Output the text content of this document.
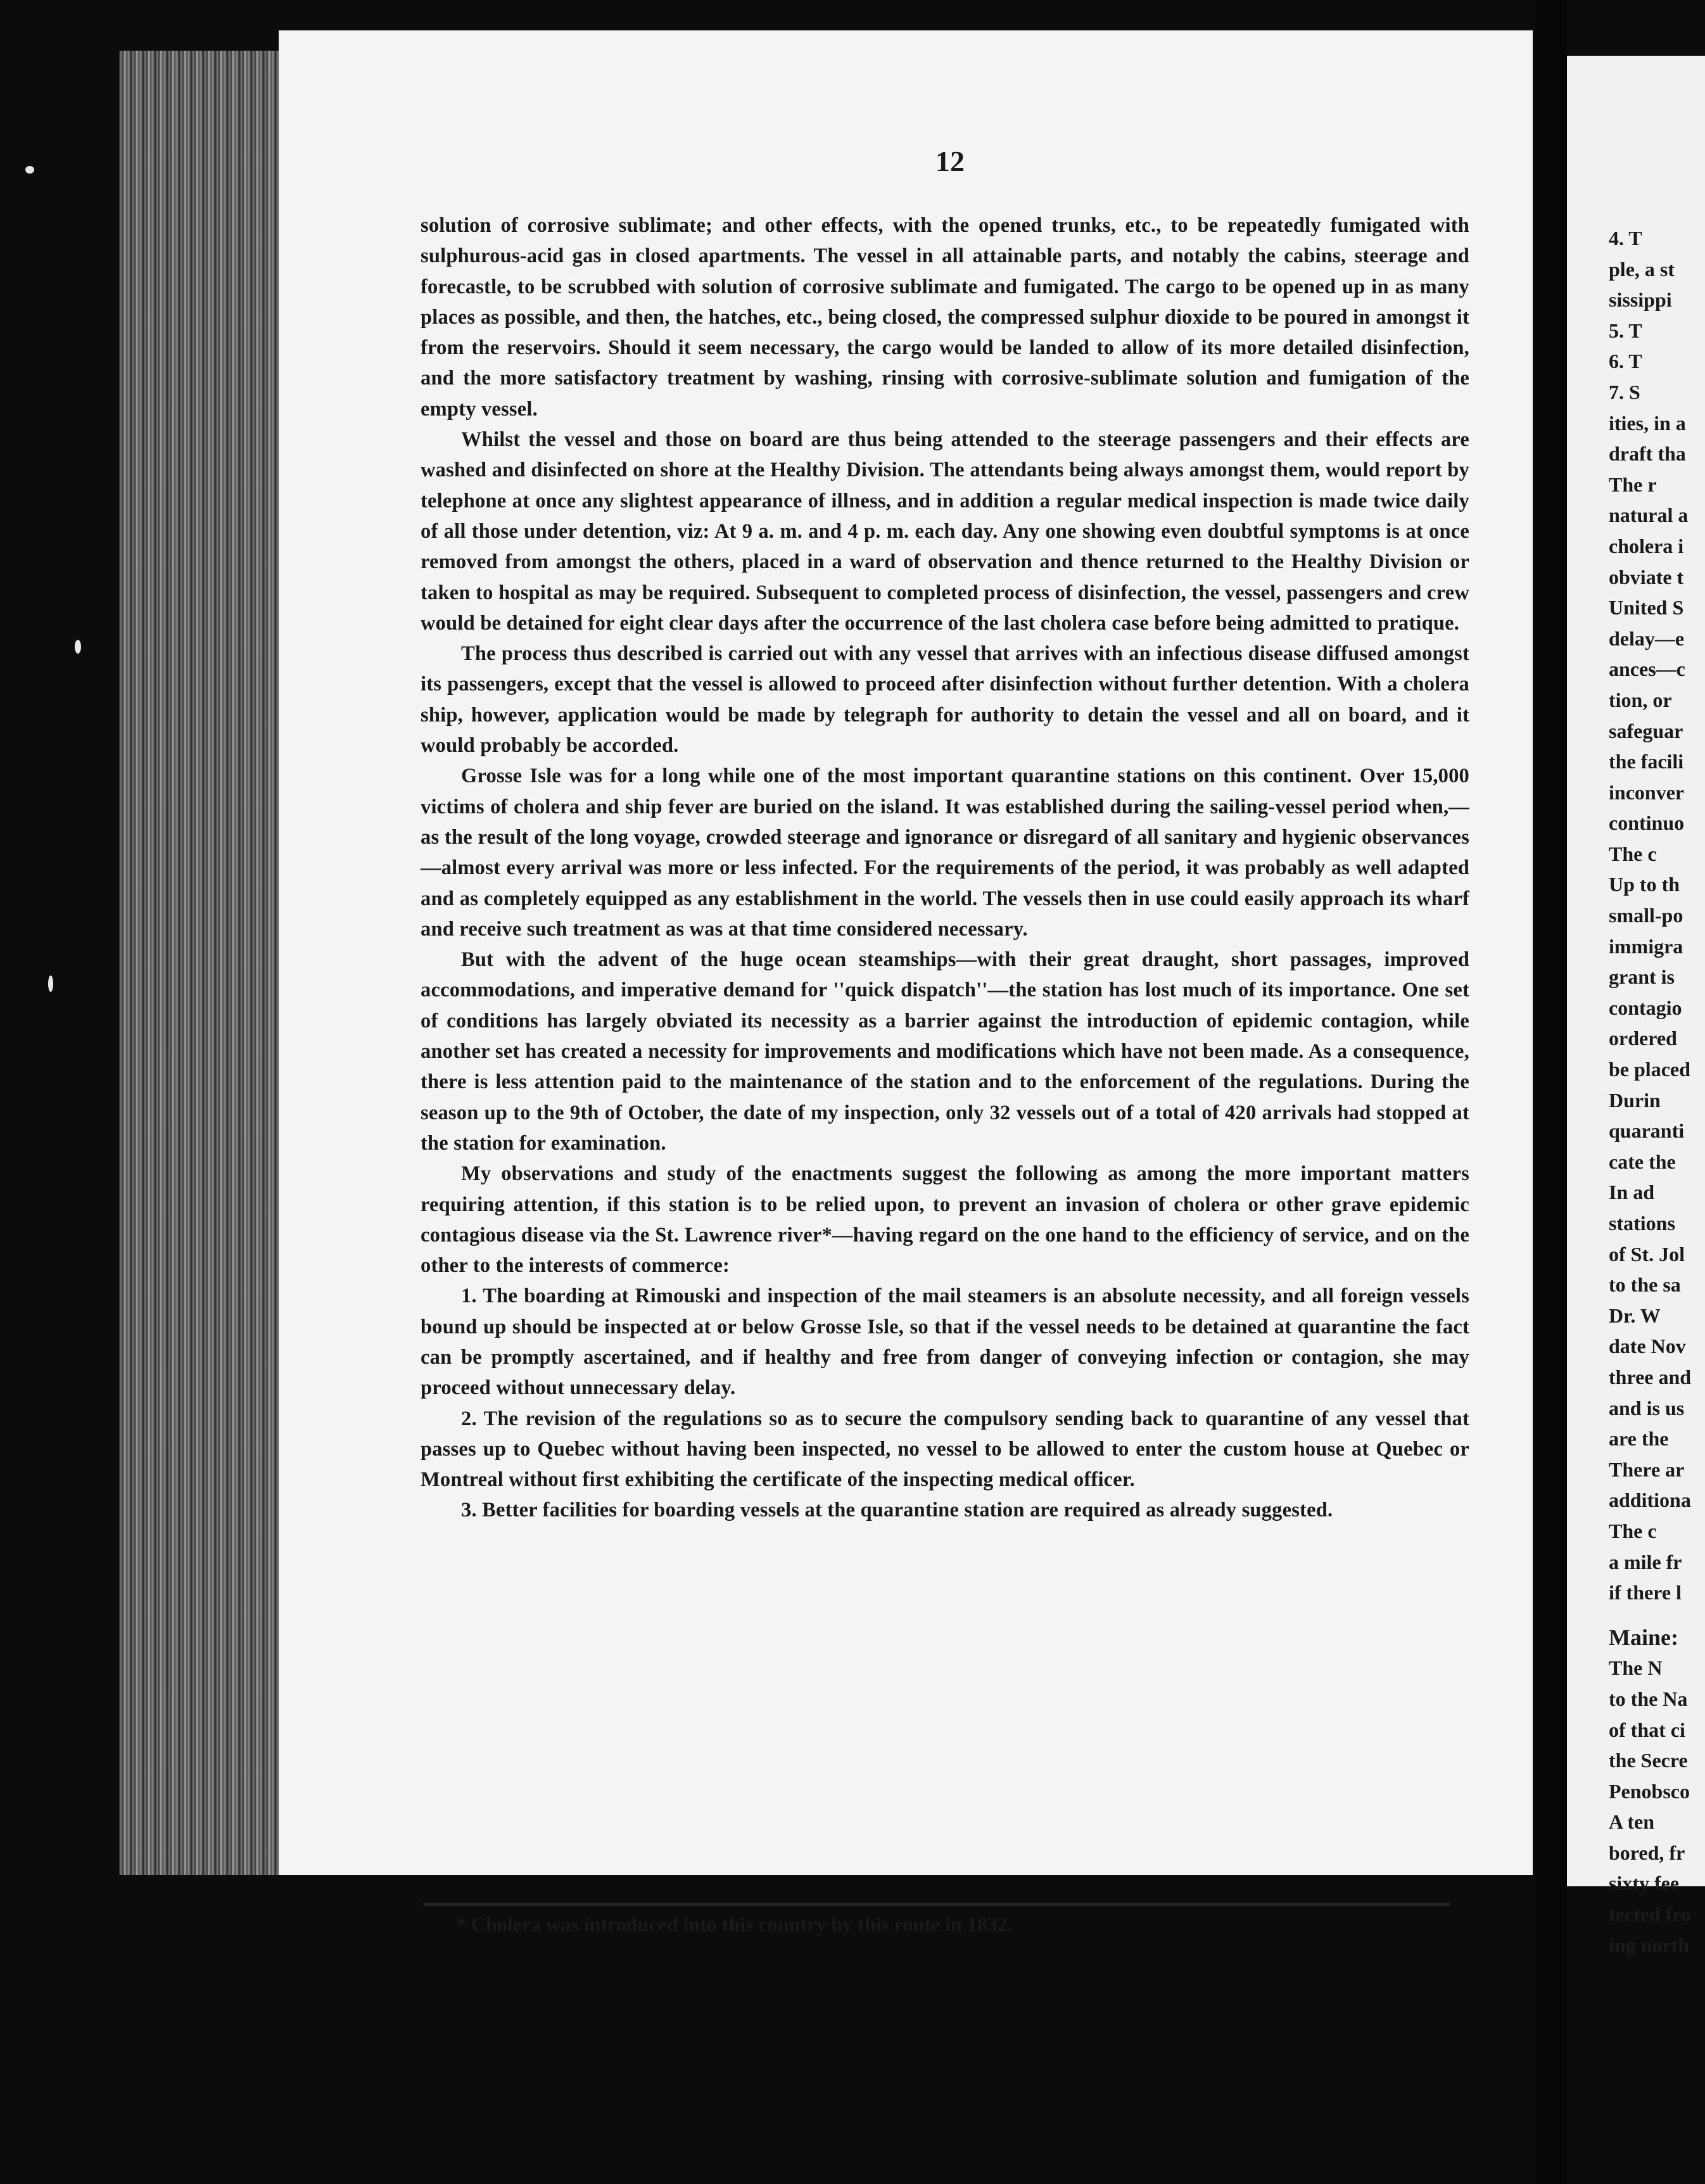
12

solution of corrosive sublimate; and other effects, with the opened trunks, etc., to be repeatedly fumigated with sulphurous-acid gas in closed apartments. The vessel in all attainable parts, and notably the cabins, steerage and forecastle, to be scrubbed with solution of corrosive sublimate and fumigated. The cargo to be opened up in as many places as possible, and then, the hatches, etc., being closed, the compressed sulphur dioxide to be poured in amongst it from the reservoirs. Should it seem necessary, the cargo would be landed to allow of its more detailed disinfection, and the more satisfactory treatment by washing, rinsing with corrosive-sublimate solution and fumigation of the empty vessel.

Whilst the vessel and those on board are thus being attended to the steerage passengers and their effects are washed and disinfected on shore at the Healthy Division. The attendants being always amongst them, would report by telephone at once any slightest appearance of illness, and in addition a regular medical inspection is made twice daily of all those under detention, viz: At 9 a. m. and 4 p. m. each day. Any one showing even doubtful symptoms is at once removed from amongst the others, placed in a ward of observation and thence returned to the Healthy Division or taken to hospital as may be required. Subsequent to completed process of disinfection, the vessel, passengers and crew would be detained for eight clear days after the occurrence of the last cholera case before being admitted to pratique.

The process thus described is carried out with any vessel that arrives with an infectious disease diffused amongst its passengers, except that the vessel is allowed to proceed after disinfection without further detention. With a cholera ship, however, application would be made by telegraph for authority to detain the vessel and all on board, and it would probably be accorded.

Grosse Isle was for a long while one of the most important quarantine stations on this continent. Over 15,000 victims of cholera and ship fever are buried on the island. It was established during the sailing-vessel period when,—as the result of the long voyage, crowded steerage and ignorance or disregard of all sanitary and hygienic observances—almost every arrival was more or less infected. For the requirements of the period, it was probably as well adapted and as completely equipped as any establishment in the world. The vessels then in use could easily approach its wharf and receive such treatment as was at that time considered necessary.

But with the advent of the huge ocean steamships—with their great draught, short passages, improved accommodations, and imperative demand for ''quick dispatch''—the station has lost much of its importance. One set of conditions has largely obviated its necessity as a barrier against the introduction of epidemic contagion, while another set has created a necessity for improvements and modifications which have not been made. As a consequence, there is less attention paid to the maintenance of the station and to the enforcement of the regulations. During the season up to the 9th of October, the date of my inspection, only 32 vessels out of a total of 420 arrivals had stopped at the station for examination.

My observations and study of the enactments suggest the following as among the more important matters requiring attention, if this station is to be relied upon, to prevent an invasion of cholera or other grave epidemic contagious disease via the St. Lawrence river*—having regard on the one hand to the efficiency of service, and on the other to the interests of commerce:

1. The boarding at Rimouski and inspection of the mail steamers is an absolute necessity, and all foreign vessels bound up should be inspected at or below Grosse Isle, so that if the vessel needs to be detained at quarantine the fact can be promptly ascertained, and if healthy and free from danger of conveying infection or contagion, she may proceed without unnecessary delay.
2. The revision of the regulations so as to secure the compulsory sending back to quarantine of any vessel that passes up to Quebec without having been inspected, no vessel to be allowed to enter the custom house at Quebec or Montreal without first exhibiting the certificate of the inspecting medical officer.
3. Better facilities for boarding vessels at the quarantine station are required as already suggested.
* Cholera was introduced into this country by this route in 1832.
4. T
ple, a st
sissippi
5. T
6. T
7. S
ities, in a
draft tha
The r
natural a
cholera i
obviate t
United S
delay—e
ances—c
tion, or
safeguar
the facili
inconver
continuo
The c
Up to th
small-po
immigra
grant is
contagio
ordered
be placed
Durin
quaranti
cate the
In ad
stations
of St. Jol
to the sa
Dr. W
date Nov
three and
and is us
are the
There ar
additiona
The c
a mile fr
if there l
Maine:
The N
to the Na
of that ci
the Secre
Penobsco
A ten
bored, fr
sixty fee
tected fro
ing north
